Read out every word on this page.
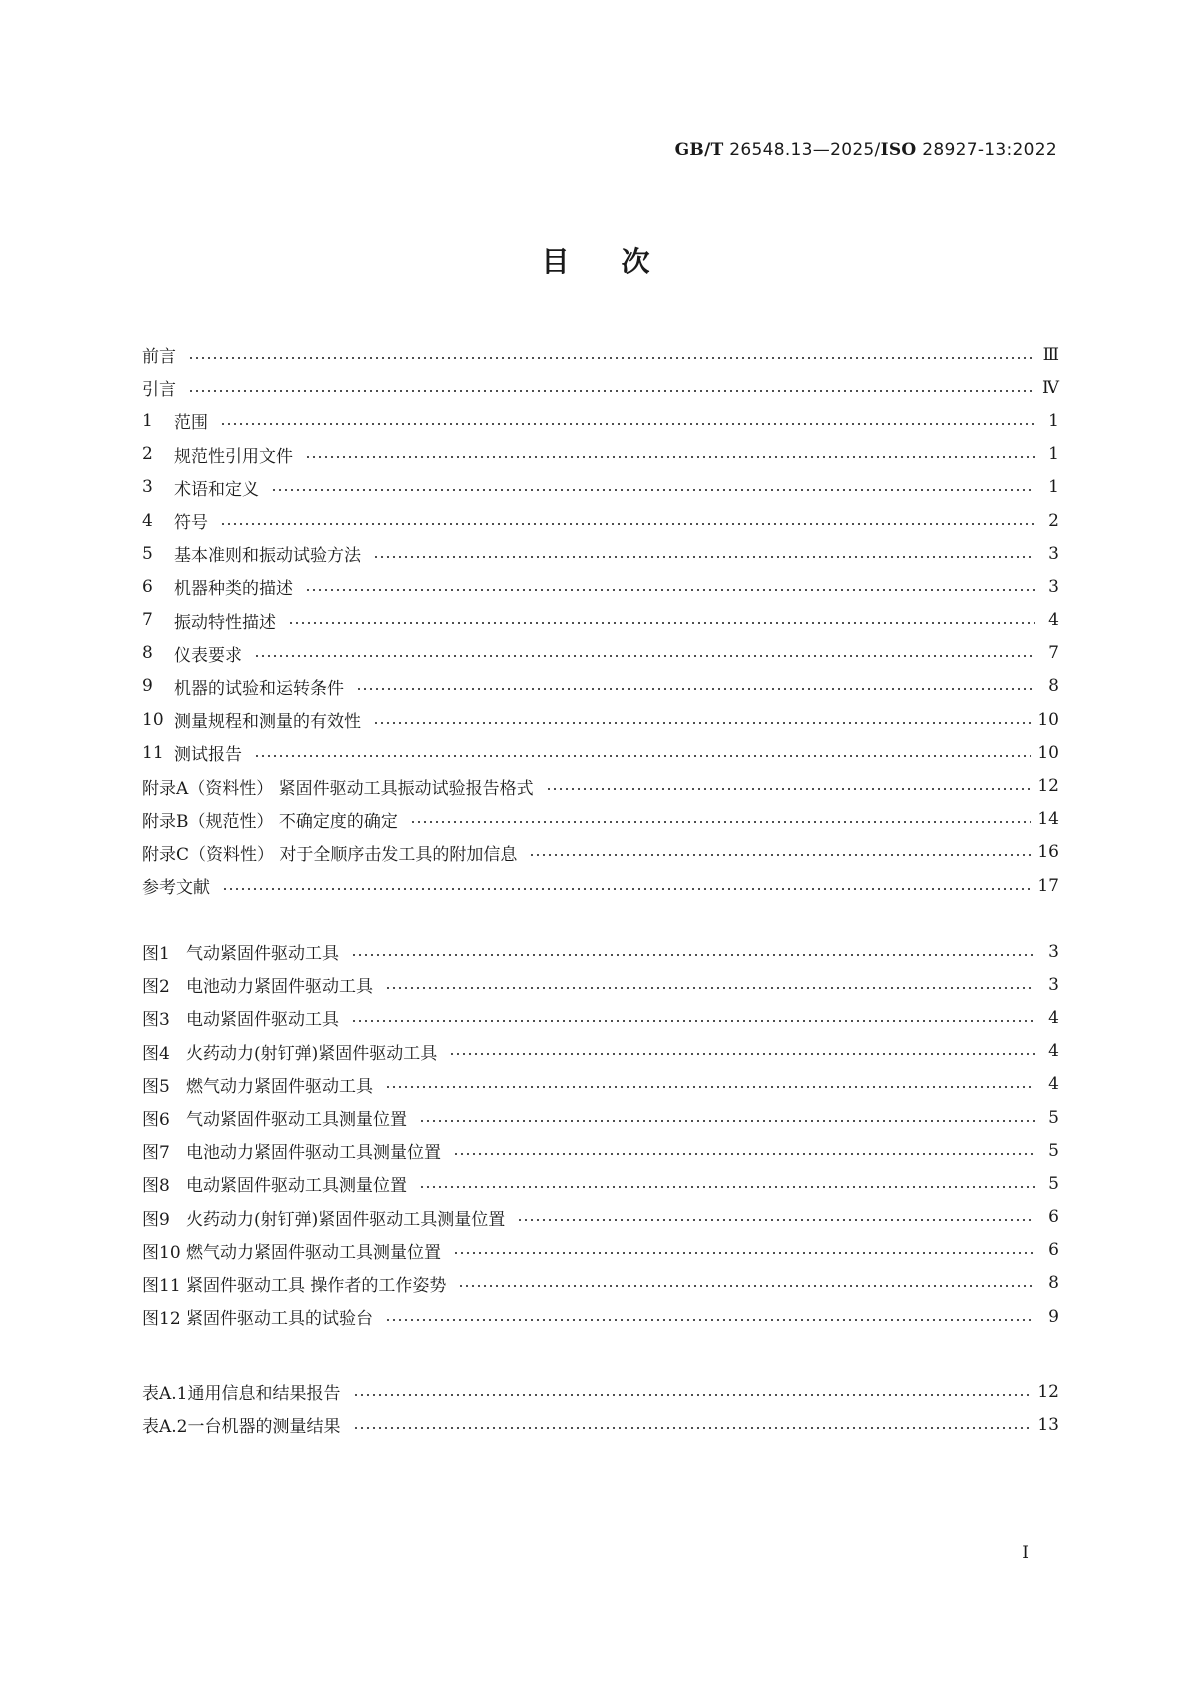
GB/T 26548.13—2025/ISO 28927-13:2022
目次
前言	Ⅲ
引言	Ⅳ
1	范围	1
2	规范性引用文件	1
3	术语和定义	1
4	符号	2
5	基本准则和振动试验方法	3
6	机器种类的描述	3
7	振动特性描述	4
8	仪表要求	7
9	机器的试验和运转条件	8
10 测量规程和测量的有效性	10
11 测试报告	10
附录A（资料性） 紧固件驱动工具振动试验报告格式	12
附录B（规范性） 不确定度的确定	14
附录C（资料性） 对于全顺序击发工具的附加信息	16
参考文献	17
图1 气动紧固件驱动工具	3
图2 电池动力紧固件驱动工具	3
图3 电动紧固件驱动工具	4
图4 火药动力(射钉弹)紧固件驱动工具	4
图5 燃气动力紧固件驱动工具	4
图6 气动紧固件驱动工具测量位置	5
图7 电池动力紧固件驱动工具测量位置	5
图8 电动紧固件驱动工具测量位置	5
图9 火药动力(射钉弹)紧固件驱动工具测量位置	6
图10 燃气动力紧固件驱动工具测量位置	6
图11 紧固件驱动工具 操作者的工作姿势	8
图12 紧固件驱动工具的试验台	9
表A.1 通用信息和结果报告	12
表A.2 一台机器的测量结果	13
I
